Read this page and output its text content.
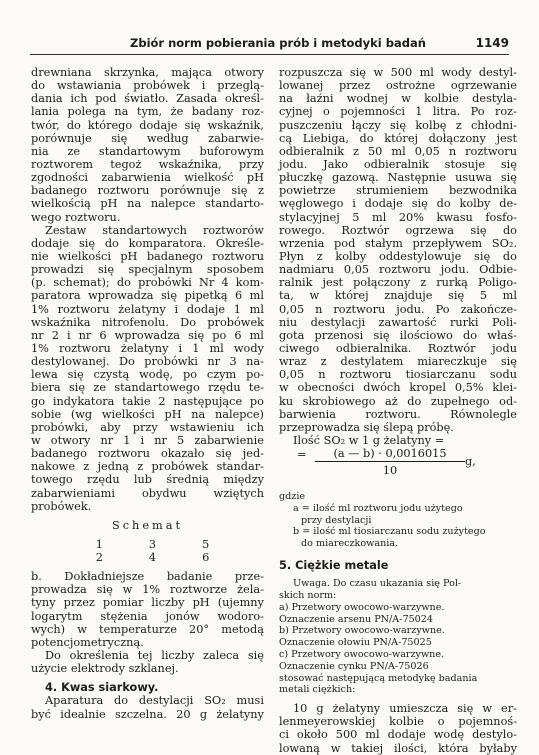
Zbiór norm pobierania prób i metodyki badań	1149
drewniana skrzynka, mająca otwory
do wstawiania probówek i przeglą-
dania ich pod światło. Zasada określ-
lania polega na tym, że badany roz-
twór, do którego dodaje się wskaźnik,
porównuje się według zabarwie-
nia ze standartowym buforowym
roztworem tegoż wskaźnika, przy
zgodności zabarwienia wielkość pH
badanego roztworu porównuje się z
wielkością pH na nalepce standarto-
wego roztworu.
Zestaw standartowych roztworów
dodaje się do komparatora. Określe-
nie wielkości pH badanego roztworu
prowadzi się specjalnym sposobem
(p. schemat); do probówki Nr 4 kom-
paratora wprowadza się pipetką 6 ml
1% roztworu żelatyny i dodaje 1 ml
wskaźnika nitrofenolu. Do probówek
nr 2 i nr 6 wprowadza się po 6 ml
1% roztworu żelatyny i 1 ml wody
destylowanej. Do probówki nr 3 na-
lewa się czystą wodę, po czym po-
biera się ze standartowego rzędu te-
go indykatora takie 2 następujące po
sobie (wg wielkości pH na nalepce)
probówki, aby przy wstawieniu ich
w otwory nr 1 i nr 5 zabarwienie
badanego roztworu okazało się jed-
nakowe z jedną z probówek standar-
towego rzędu lub średnią między
zabarwieniami obydwu wziętych
probówek.
Schemat
1	3	5
2	4	6
b. Dokładniejsze badanie prze-
prowadza się w 1% roztworze żela-
tyny przez pomiar liczby pH (ujemny
logarytm stężenia jonów wodoro-
wych) w temperaturze 20° metodą
potencjometryczną.
Do określenia tej liczby zaleca się
użycie elektrody szklanej.
4. Kwas siarkowy.
Aparatura do destylacji SO₂ musi
być idealnie szczelna. 20 g żelatyny
rozpuszcza się w 500 ml wody destyl-
lowanej przez ostrożne ogrzewanie
na łaźni wodnej w kolbie destyla-
cyjnej o pojemności 1 litra. Po roz-
puszczeniu łączy się kolbę z chłodni-
cą Liebiga, do której dołączony jest
odbieralnik z 50 ml 0,05 n roztworu
jodu. Jako odbieralnik stosuje się
płuczkę gazową. Następnie usuwa się
powietrze strumieniem bezwodnika
węglowego i dodaje się do kolby de-
stylacyjnej 5 ml 20% kwasu fosfo-
rowego. Roztwór ogrzewa się do
wrzenia pod stałym przepływem SO₂.
Płyn z kolby oddestylowuje się do
nadmiaru 0,05 roztworu jodu. Odbie-
ralnik jest połączony z rurką Poligo-
ta, w której znajduje się 5 ml
0,05 n roztworu jodu. Po zakończe-
niu destylacji zawartość rurki Poli-
gota przenosi się ilościowo do właś-
ciwego odbieralnika. Roztwór jodu
wraz z destylatem miareczkuje się
0,05 n roztworu tiosiarczanu sodu
w obecności dwóch kropel 0,5% klei-
ku skrobiowego aż do zupełnego od-
barwienia	roztworu.	Równolegle
przeprowadza się ślepą próbę.
Ilość SO₂ w 1 g żelatyny =
= $\frac{(a — b) \cdot 0,0016015}{10} g$,
gdzie
a = ilość ml roztworu jodu użytego
przy destylacji
b = ilość ml tiosiarczanu sodu zużytego
do miareczkowania.
5. Ciężkie metale
Uwaga. Do czasu ukazania się Pol-
skich norm:
a) Przetwory owocowo-warzywne.
Oznaczenie arsenu PN/A-75024
b) Przetwory owocowo-warzywne.
Oznaczenie ołowiu PN/A-75025
c) Przetwory owocowo-warzywne.
Oznaczenie cynku PN/A-75026
stosować następującą metodykę badania
metali ciężkich:
10 g żelatyny umieszcza się w er-
lenmeyerowskiej kolbie o pojemnoś-
ci około 500 ml dodaje wodę destylo-
lowaną w takiej ilości, która byłaby
